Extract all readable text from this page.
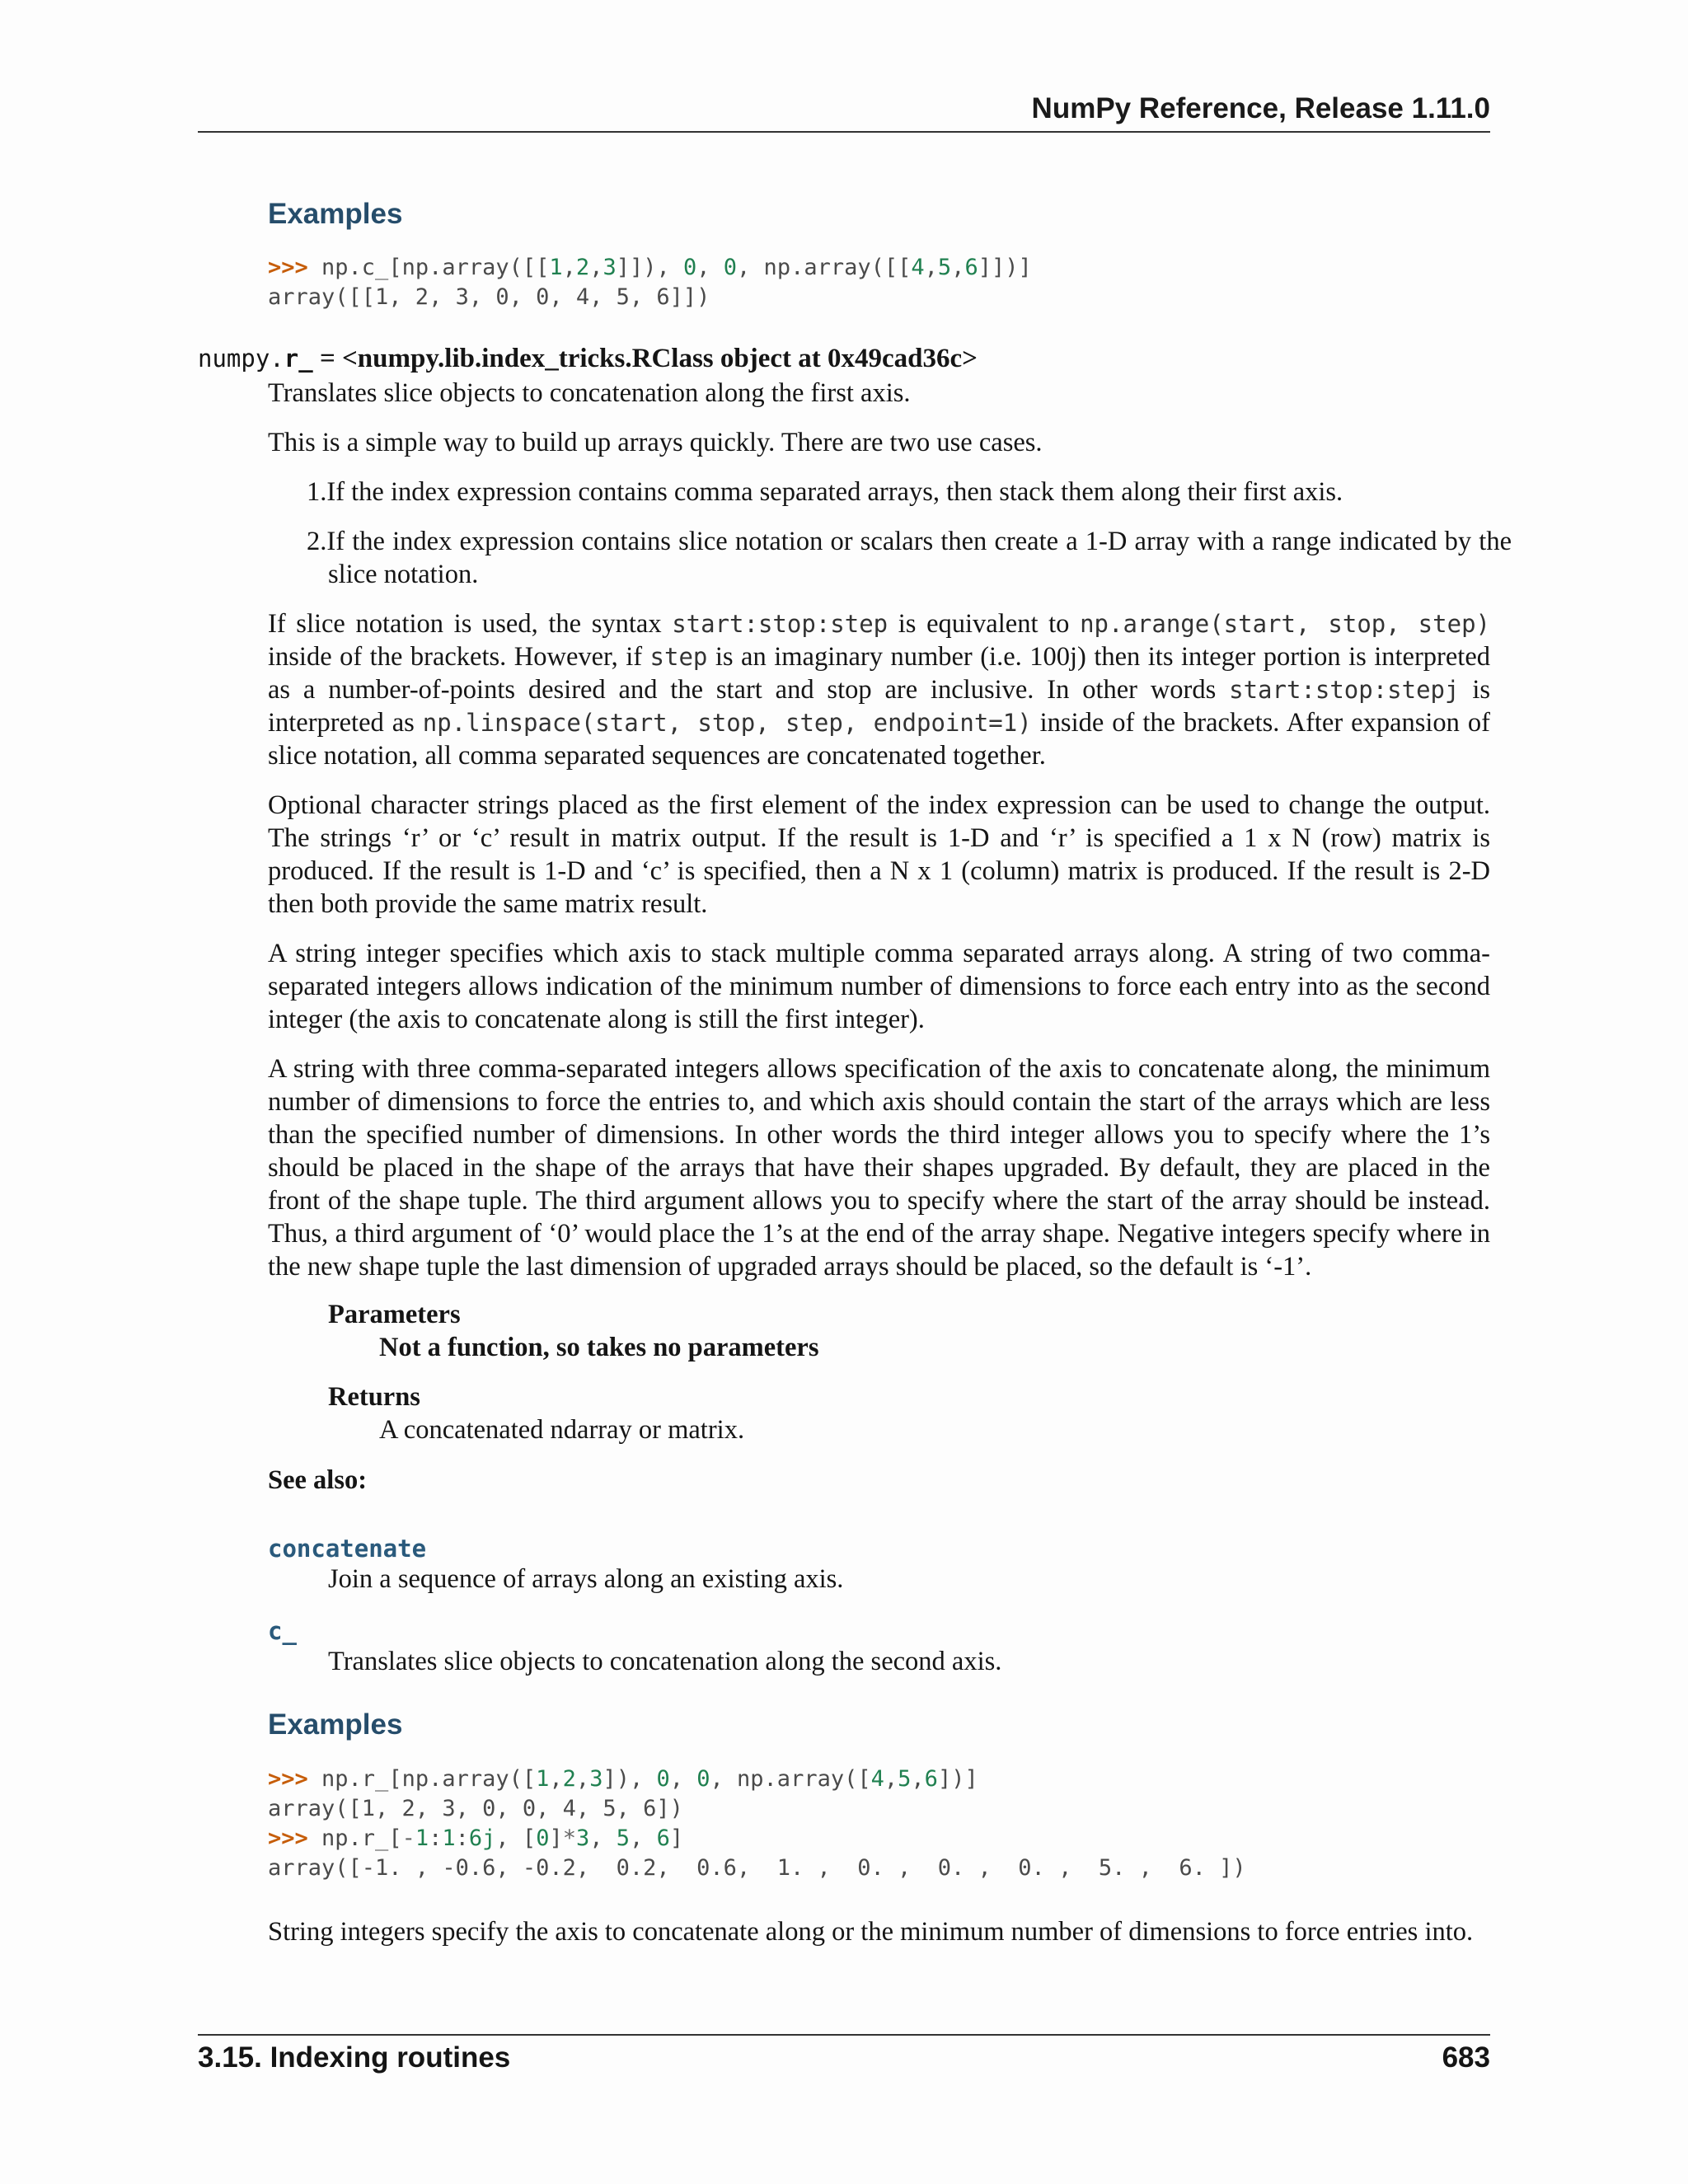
NumPy Reference, Release 1.11.0
Examples
>>> np.c_[np.array([[1,2,3]]), 0, 0, np.array([[4,5,6]])]
array([[1, 2, 3, 0, 0, 4, 5, 6]])
numpy.r_ = <numpy.lib.index_tricks.RClass object at 0x49cad36c>

Translates slice objects to concatenation along the first axis.

This is a simple way to build up arrays quickly. There are two use cases.

1.If the index expression contains comma separated arrays, then stack them along their first axis.

2.If the index expression contains slice notation or scalars then create a 1-D array with a range indicated by the slice notation.

If slice notation is used, the syntax start:stop:step is equivalent to np.arange(start, stop, step) inside of the brackets. However, if step is an imaginary number (i.e. 100j) then its integer portion is interpreted as a number-of-points desired and the start and stop are inclusive. In other words start:stop:stepj is interpreted as np.linspace(start, stop, step, endpoint=1) inside of the brackets. After expansion of slice notation, all comma separated sequences are concatenated together.

Optional character strings placed as the first element of the index expression can be used to change the output. The strings ‘r’ or ‘c’ result in matrix output. If the result is 1-D and ‘r’ is specified a 1 x N (row) matrix is produced. If the result is 1-D and ‘c’ is specified, then a N x 1 (column) matrix is produced. If the result is 2-D then both provide the same matrix result.

A string integer specifies which axis to stack multiple comma separated arrays along. A string of two comma-separated integers allows indication of the minimum number of dimensions to force each entry into as the second integer (the axis to concatenate along is still the first integer).

A string with three comma-separated integers allows specification of the axis to concatenate along, the minimum number of dimensions to force the entries to, and which axis should contain the start of the arrays which are less than the specified number of dimensions. In other words the third integer allows you to specify where the 1’s should be placed in the shape of the arrays that have their shapes upgraded. By default, they are placed in the front of the shape tuple. The third argument allows you to specify where the start of the array should be instead. Thus, a third argument of ‘0’ would place the 1’s at the end of the array shape. Negative integers specify where in the new shape tuple the last dimension of upgraded arrays should be placed, so the default is ‘-1’.

Parameters
Not a function, so takes no parameters
Returns
A concatenated ndarray or matrix.
See also:
concatenate
Join a sequence of arrays along an existing axis.
c_
Translates slice objects to concatenation along the second axis.
Examples
>>> np.r_[np.array([1,2,3]), 0, 0, np.array([4,5,6])]
array([1, 2, 3, 0, 0, 4, 5, 6])
>>> np.r_[-1:1:6j, [0]*3, 5, 6]
array([-1. , -0.6, -0.2,  0.2,  0.6,  1. ,  0. ,  0. ,  0. ,  5. ,  6. ])

String integers specify the axis to concatenate along or the minimum number of dimensions to force entries into.

3.15. Indexing routines	683
